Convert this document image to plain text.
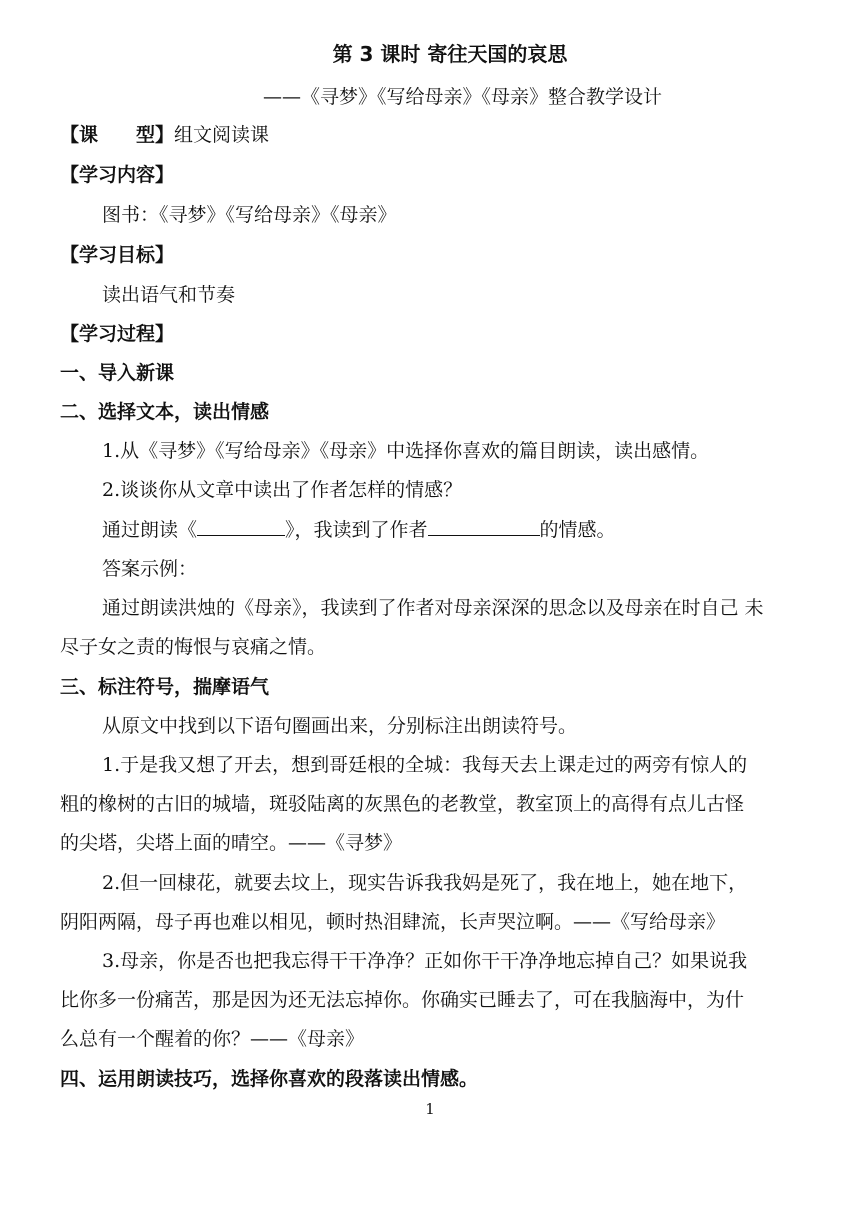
第 3 课时 寄往天国的哀思
——《寻梦》《写给母亲》《母亲》整合教学设计
【课　　型】组文阅读课
【学习内容】
图书：《寻梦》《写给母亲》《母亲》
【学习目标】
读出语气和节奏
【学习过程】
一、导入新课
二、选择文本，读出情感
1.从《寻梦》《写给母亲》《母亲》中选择你喜欢的篇目朗读，读出感情。
2.谈谈你从文章中读出了作者怎样的情感？
通过朗读《	》，我读到了作者	的情感。
答案示例：
通过朗读洪烛的《母亲》，我读到了作者对母亲深深的思念以及母亲在时自己 未
尽子女之责的悔恨与哀痛之情。
三、标注符号，揣摩语气
从原文中找到以下语句圈画出来，分别标注出朗读符号。
1.于是我又想了开去，想到哥廷根的全城：我每天去上课走过的两旁有惊人的
粗的橡树的古旧的城墙，斑驳陆离的灰黑色的老教堂，教室顶上的高得有点儿古怪
的尖塔，尖塔上面的晴空。——《寻梦》
2.但一回棣花，就要去坟上，现实告诉我我妈是死了，我在地上，她在地下，
阴阳两隔，母子再也难以相见，顿时热泪肆流，长声哭泣啊。——《写给母亲》
3.母亲，你是否也把我忘得干干净净？正如你干干净净地忘掉自己？如果说我
比你多一份痛苦，那是因为还无法忘掉你。你确实已睡去了，可在我脑海中，为什
么总有一个醒着的你？——《母亲》
四、运用朗读技巧，选择你喜欢的段落读出情感。
1
